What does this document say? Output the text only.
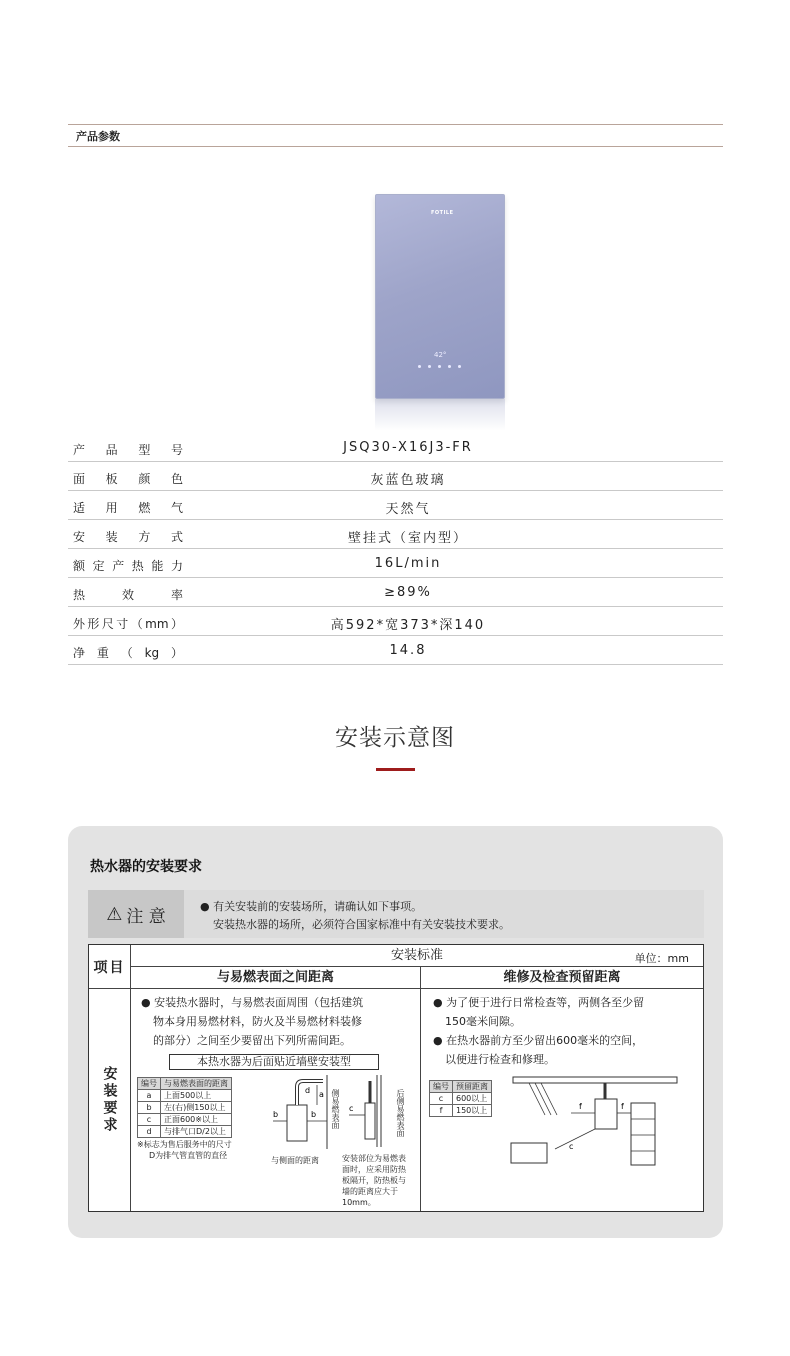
产品参数
FOTILE
42°
产品型号	JSQ30-X16J3-FR
面板颜色	灰蓝色玻璃
适用燃气	天然气
安装方式	壁挂式（室内型）
额定产热能力	16L/min
热效率	≥89%
外形尺寸（mm）	高592*宽373*深140
净重（kg）	14.8
安装示意图
热水器的安装要求
⚠ 注 意	● 有关安装前的安装场所，请确认如下事项。
安装热水器的场所，必须符合国家标准中有关安装技术要求。
项目
安装标准	单位：mm
与易燃表面之间距离	维修及检查预留距离
安装要求
● 安装热水器时，与易燃表面周围（包括建筑
物本身用易燃材料，防火及半易燃材料装修
的部分）之间至少要留出下列所需间距。
本热水器为后面贴近墙壁安装型
编号	与易燃表面的距离
a	上面500以上
b	左(右)侧150以上
c	正面600※以上
d	与排气口D/2以上
※标志为售后服务中的尺寸
D为排气管直管的直径
b	b
a
d
与侧面的距离
侧易燃表面 c	后侧易燃表面
安装部位为易燃表
面时，应采用防热
板隔开，防热板与
墙的距离应大于
10mm。
● 为了便于进行日常检查等，两侧各至少留
150毫米间隙。
● 在热水器前方至少留出600毫米的空间，
以便进行检查和修理。
编号	预留距离
c	600以上
f	150以上	f	f
c
